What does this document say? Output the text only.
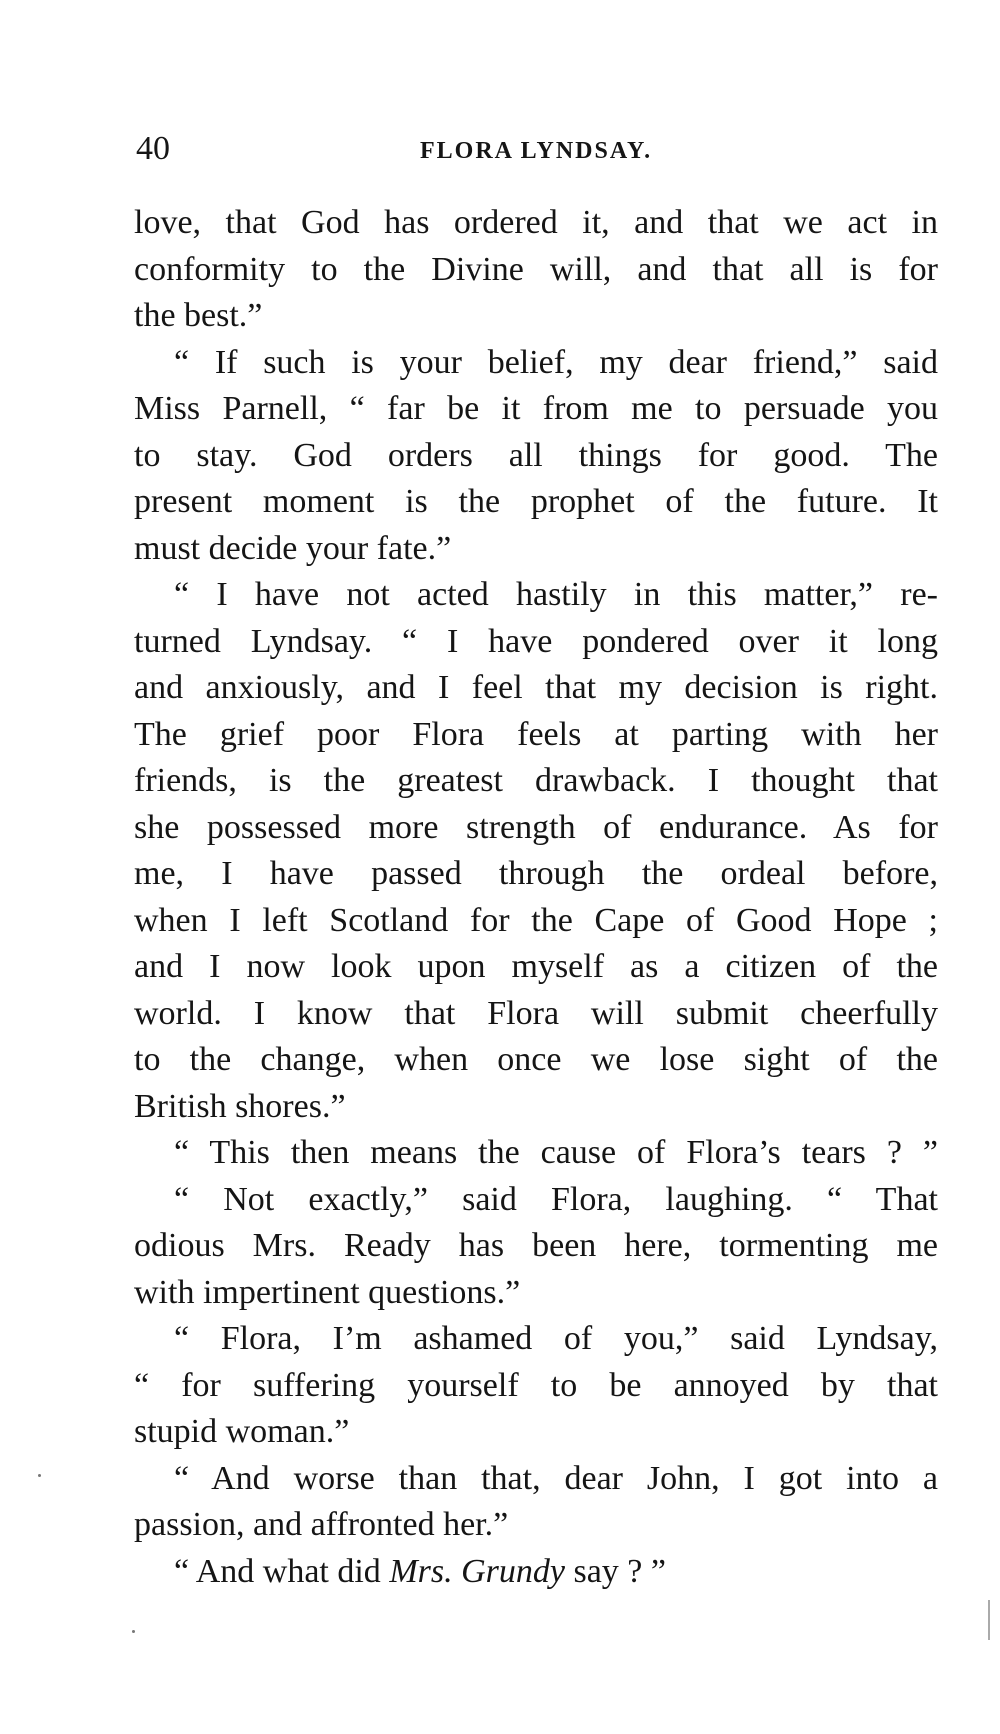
40	FLORA LYNDSAY.
love, that God has ordered it, and that we act in
conformity to the Divine will, and that all is for
the best.”
“ If such is your belief, my dear friend,” said
Miss Parnell, “ far be it from me to persuade you
to stay. God orders all things for good. The
present moment is the prophet of the future. It
must decide your fate.”
“ I have not acted hastily in this matter,” re-
turned Lyndsay. “ I have pondered over it long
and anxiously, and I feel that my decision is right.
The grief poor Flora feels at parting with her
friends, is the greatest drawback. I thought that
she possessed more strength of endurance. As for
me, I have passed through the ordeal before,
when I left Scotland for the Cape of Good Hope ;
and I now look upon myself as a citizen of the
world. I know that Flora will submit cheerfully
to the change, when once we lose sight of the
British shores.”
“ This then means the cause of Flora’s tears ? ”
“ Not exactly,” said Flora, laughing. “ That
odious Mrs. Ready has been here, tormenting me
with impertinent questions.”
“ Flora, I’m ashamed of you,” said Lyndsay,
“ for suffering yourself to be annoyed by that
stupid woman.”
“ And worse than that, dear John, I got into a
passion, and affronted her.”
“ And what did Mrs. Grundy say ? ”
